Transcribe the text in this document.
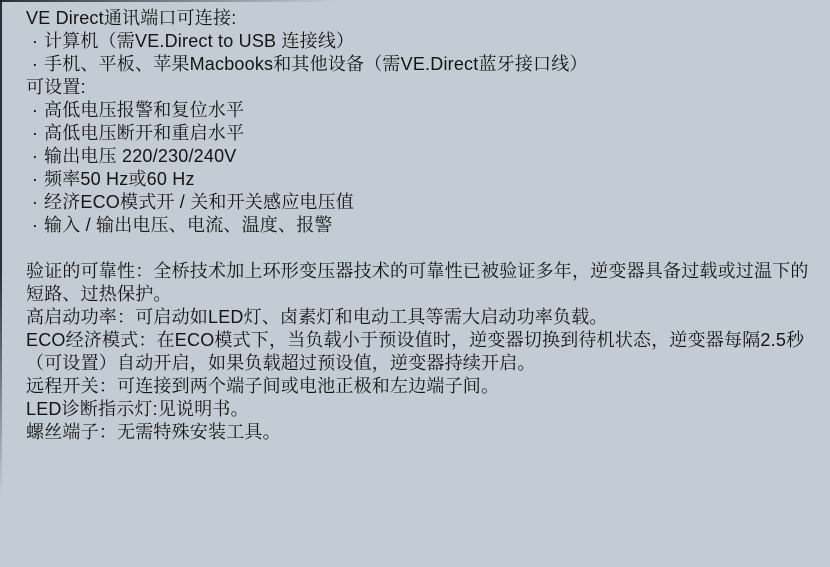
VE Direct通讯端口可连接:
· 计算机（需VE.Direct to USB 连接线）
· 手机、平板、苹果Macbooks和其他设备（需VE.Direct蓝牙接口线）
可设置:
· 高低电压报警和复位水平
· 高低电压断开和重启水平
· 输出电压 220/230/240V
· 频率50 Hz或60 Hz
· 经济ECO模式开 / 关和开关感应电压值
· 输入 / 输出电压、电流、温度、报警
验证的可靠性：全桥技术加上环形变压器技术的可靠性已被验证多年，逆变器具备过载或过温下的短路、过热保护。
高启动功率：可启动如LED灯、卤素灯和电动工具等需大启动功率负载。
ECO经济模式：在ECO模式下，当负载小于预设值时，逆变器切换到待机状态，逆变器每隔2.5秒（可设置）自动开启，如果负载超过预设值，逆变器持续开启。
远程开关：可连接到两个端子间或电池正极和左边端子间。
LED诊断指示灯:见说明书。
螺丝端子：无需特殊安装工具。
